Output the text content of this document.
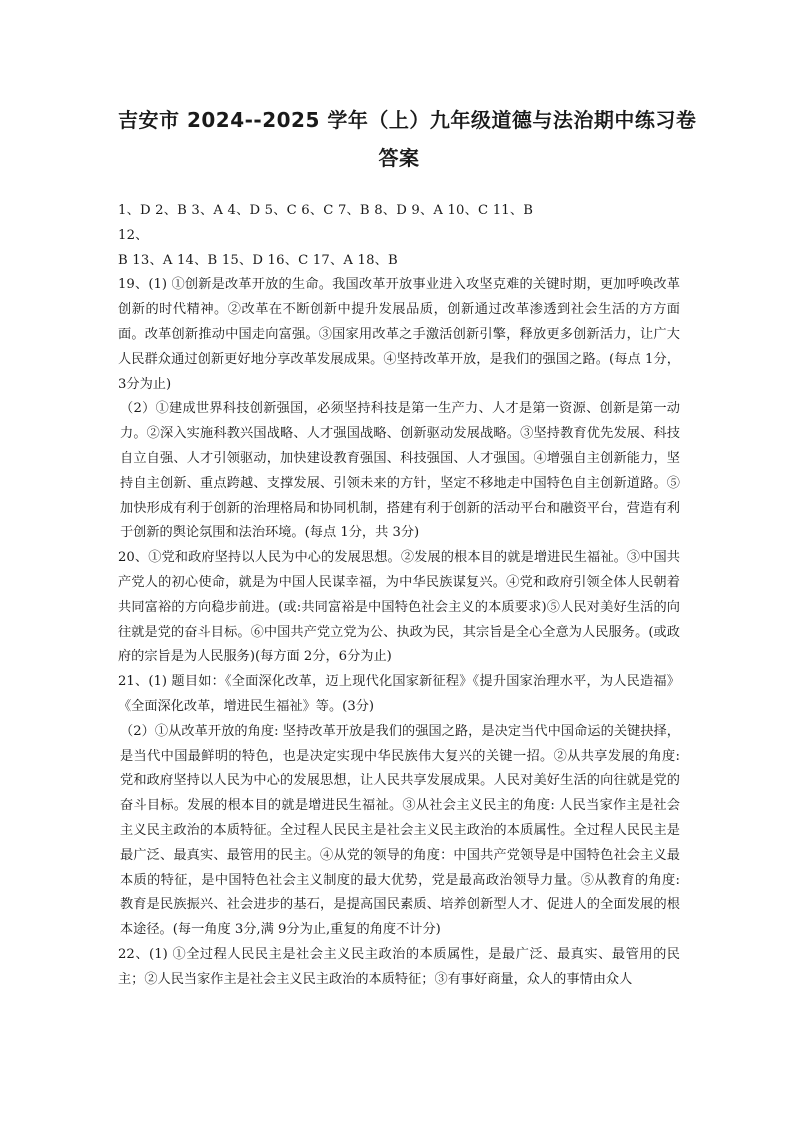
吉安市 2024--2025 学年（上）九年级道德与法治期中练习卷
答案

1、D 2、B 3、A 4、D 5、C 6、C 7、B 8、D 9、A 10、C 11、B

12、

B 13、A 14、B 15、D 16、C 17、A 18、B

19、(1) ①创新是改革开放的生命。我国改革开放事业进入攻坚克难的关键时期，更加呼唤改革创新的时代精神。②改革在不断创新中提升发展品质，创新通过改革渗透到社会生活的方方面面。改革创新推动中国走向富强。③国家用改革之手激活创新引擎，释放更多创新活力，让广大人民群众通过创新更好地分享改革发展成果。④坚持改革开放，是我们的强国之路。(每点 1分，3分为止)

（2）①建成世界科技创新强国，必须坚持科技是第一生产力、人才是第一资源、创新是第一动力。②深入实施科教兴国战略、人才强国战略、创新驱动发展战略。③坚持教育优先发展、科技自立自强、人才引领驱动，加快建设教育强国、科技强国、人才强国。④增强自主创新能力，坚持自主创新、重点跨越、支撑发展、引领未来的方针，坚定不移地走中国特色自主创新道路。⑤加快形成有利于创新的治理格局和协同机制，搭建有利于创新的活动平台和融资平台，营造有利于创新的舆论氛围和法治环境。(每点 1分，共 3分)

20、①党和政府坚持以人民为中心的发展思想。②发展的根本目的就是增进民生福祉。③中国共产党人的初心使命，就是为中国人民谋幸福，为中华民族谋复兴。④党和政府引领全体人民朝着共同富裕的方向稳步前进。(或:共同富裕是中国特色社会主义的本质要求)⑤人民对美好生活的向往就是党的奋斗目标。⑥中国共产党立党为公、执政为民，其宗旨是全心全意为人民服务。(或政府的宗旨是为人民服务)(每方面 2分，6分为止)

21、(1) 题目如：《全面深化改革，迈上现代化国家新征程》《提升国家治理水平，为人民造福》 《全面深化改革，增进民生福祉》等。(3分)

（2）①从改革开放的角度: 坚持改革开放是我们的强国之路，是决定当代中国命运的关键抉择，是当代中国最鲜明的特色，也是决定实现中华民族伟大复兴的关键一招。②从共享发展的角度: 党和政府坚持以人民为中心的发展思想，让人民共享发展成果。人民对美好生活的向往就是党的奋斗目标。发展的根本目的就是增进民生福祉。③从社会主义民主的角度: 人民当家作主是社会主义民主政治的本质特征。全过程人民民主是社会主义民主政治的本质属性。全过程人民民主是最广泛、最真实、最管用的民主。④从党的领导的角度：中国共产党领导是中国特色社会主义最本质的特征，是中国特色社会主义制度的最大优势，党是最高政治领导力量。⑤从教育的角度: 教育是民族振兴、社会进步的基石，是提高国民素质、培养创新型人才、促进人的全面发展的根本途径。(每一角度 3分,满 9分为止,重复的角度不计分)

22、(1) ①全过程人民民主是社会主义民主政治的本质属性，是最广泛、最真实、最管用的民主；②人民当家作主是社会主义民主政治的本质特征；③有事好商量，众人的事情由众人
